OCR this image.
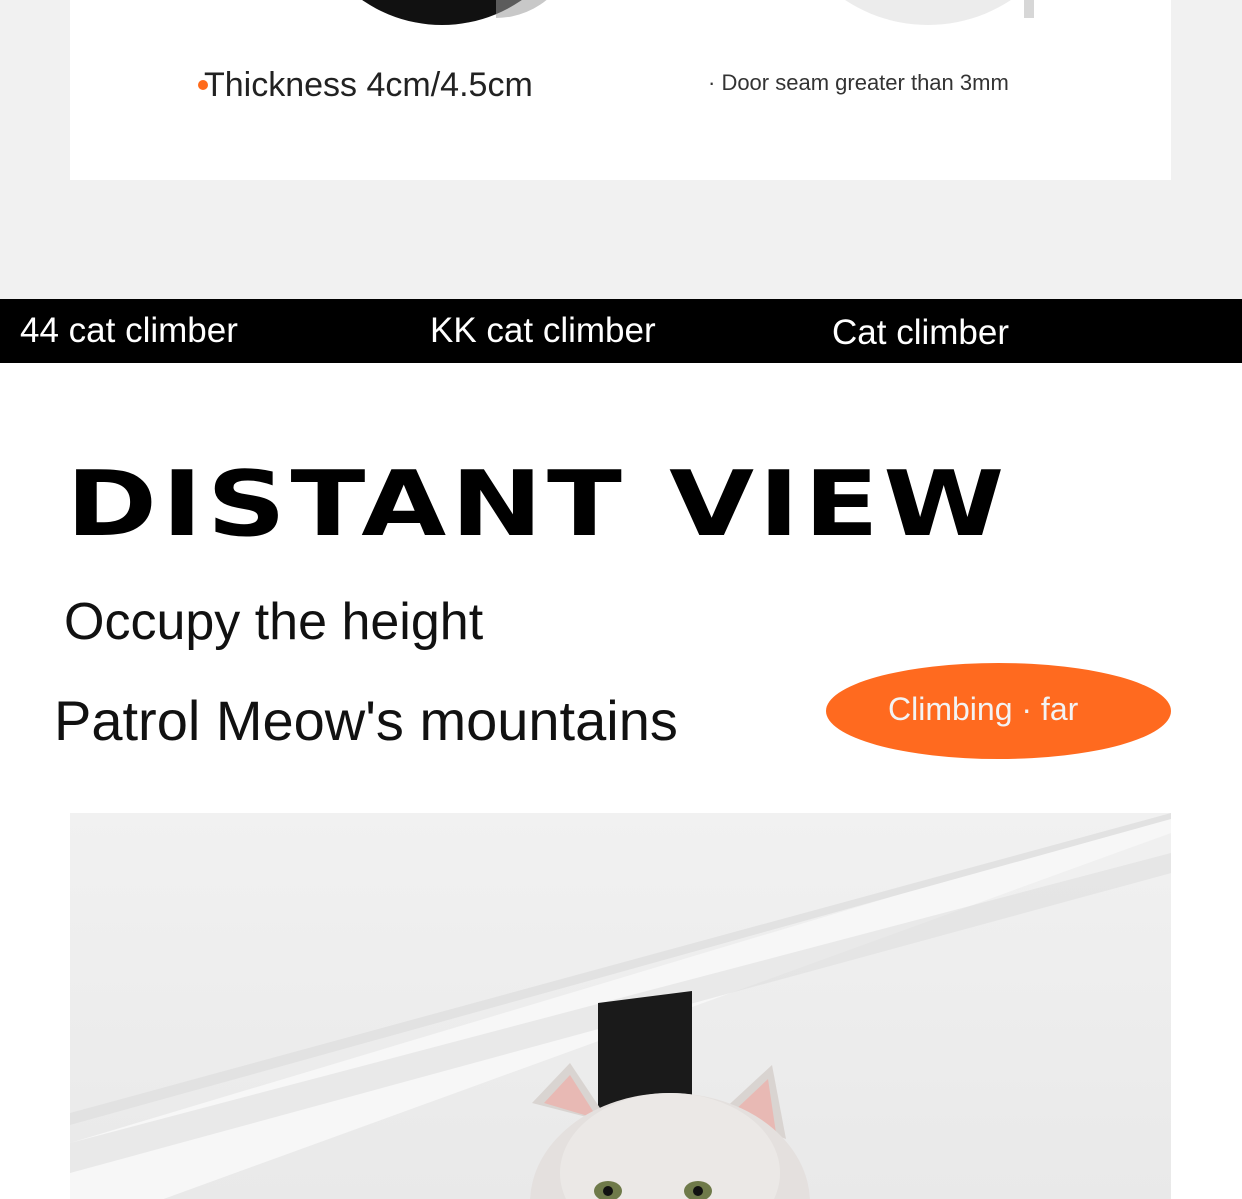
Thickness 4cm/4.5cm	· Door seam greater than 3mm
44 cat climber	KK cat climber	Cat climber
DISTANT VIEW
Occupy the height
Patrol Meow's mountains	Climbing · far
